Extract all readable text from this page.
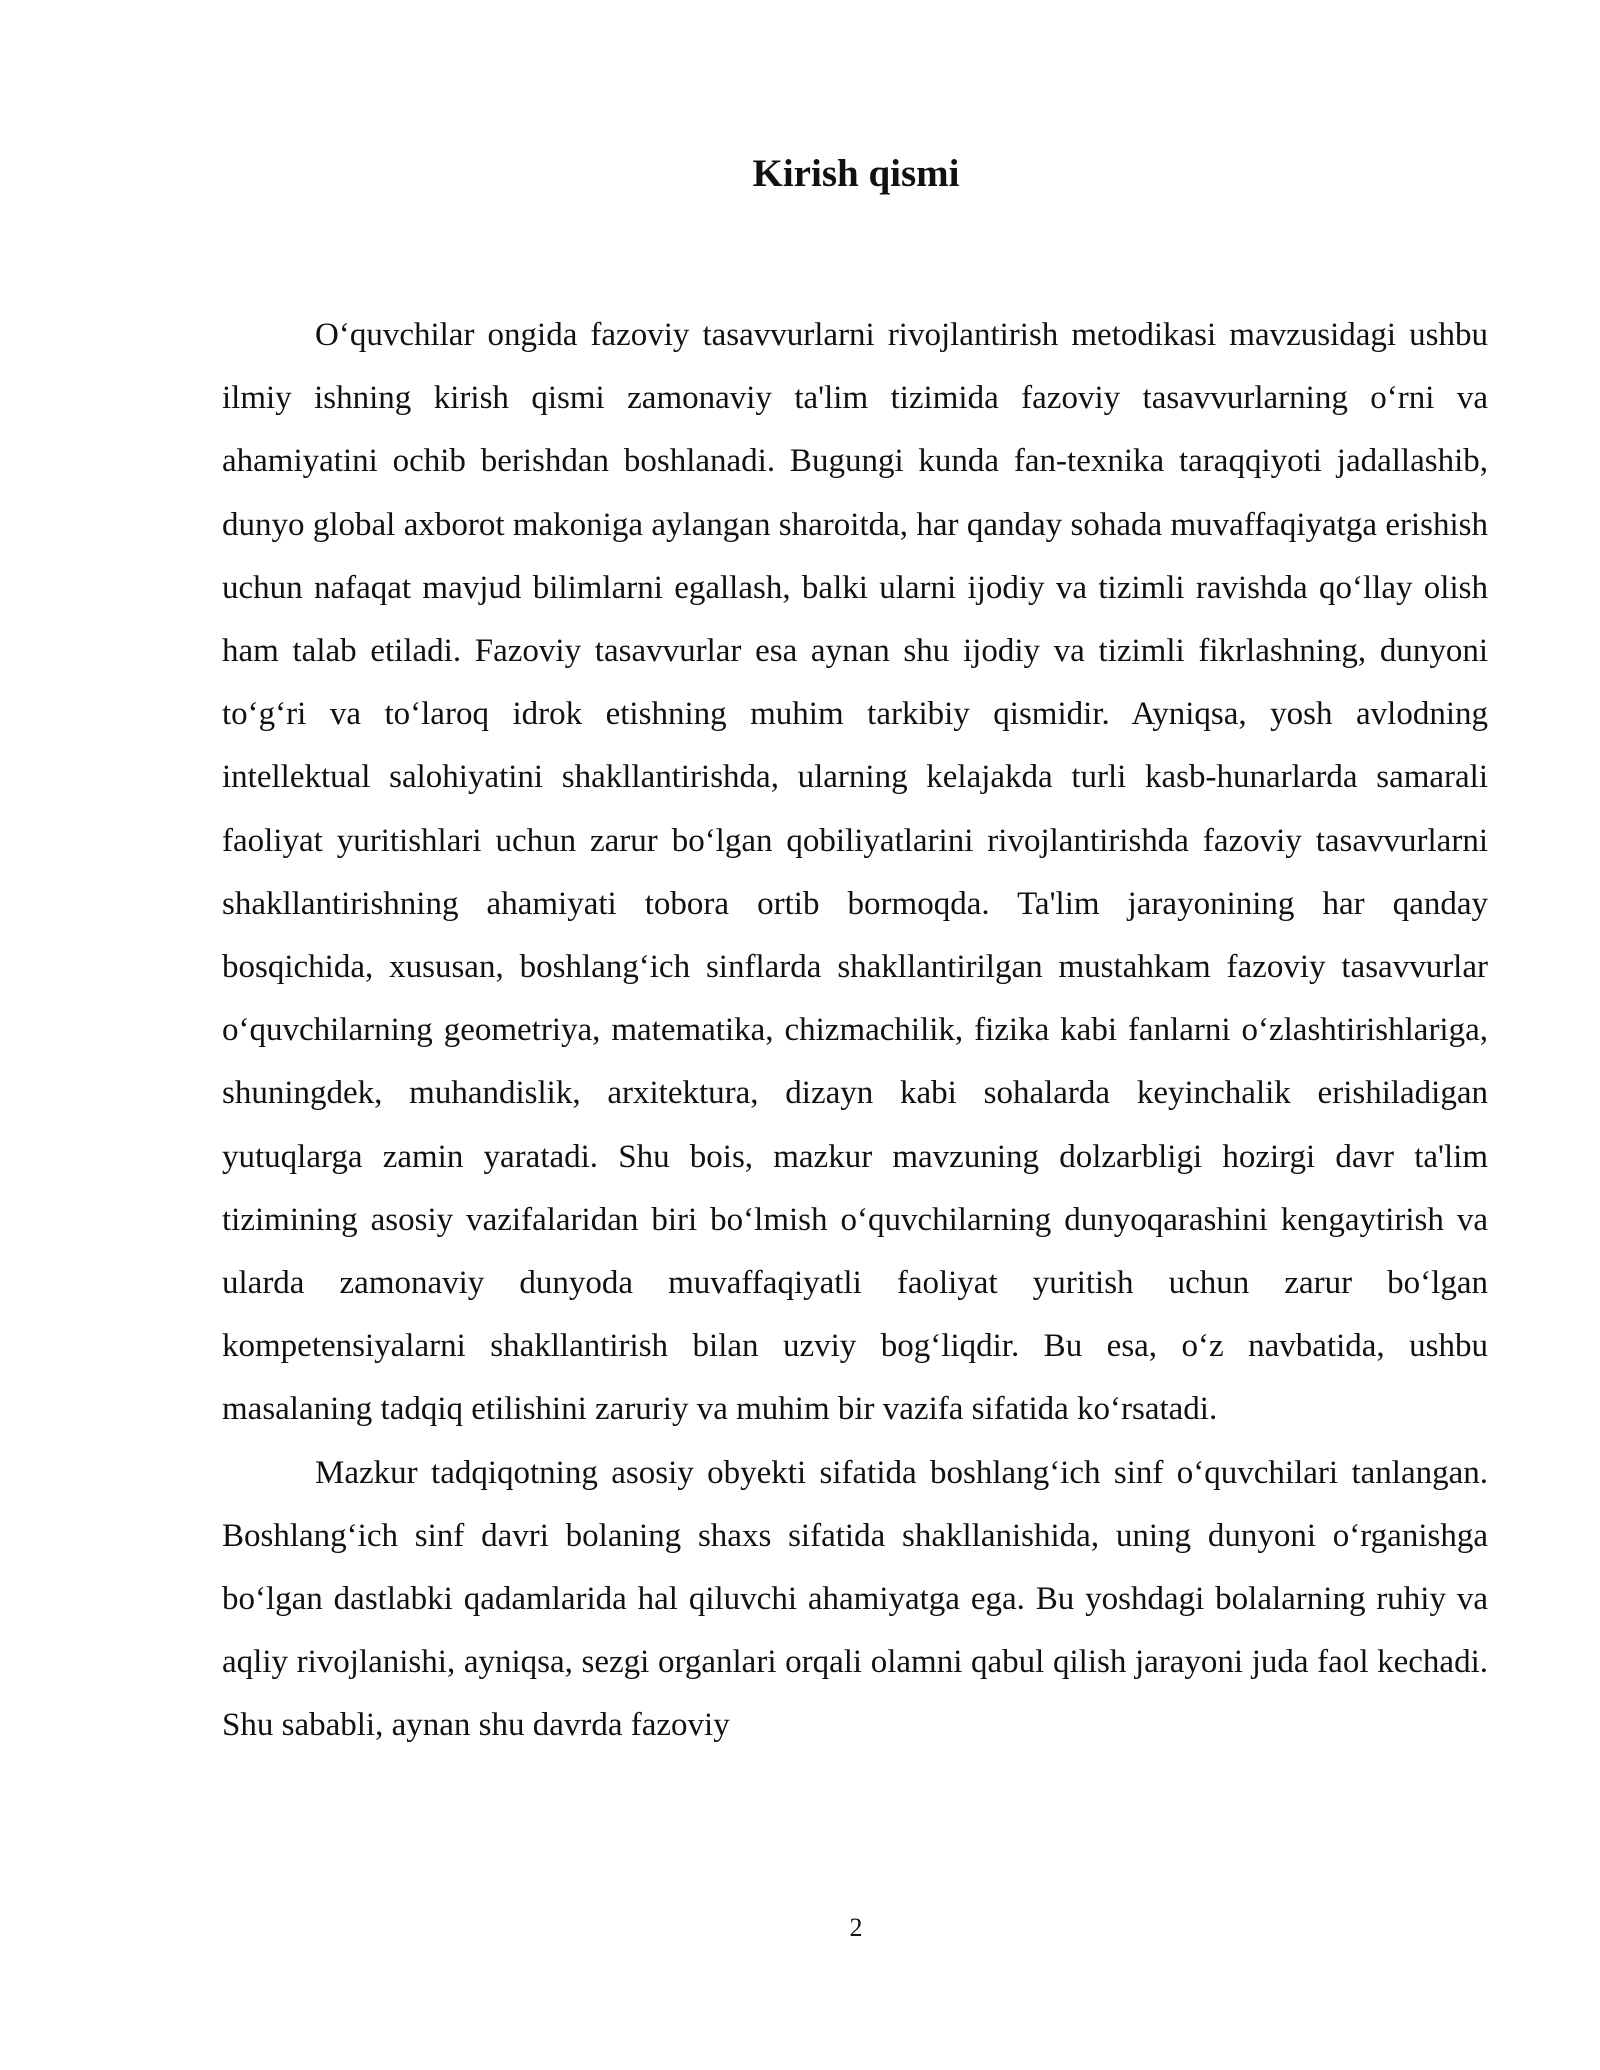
Kirish qismi

O‘quvchilar ongida fazoviy tasavvurlarni rivojlantirish metodikasi mavzusidagi ushbu ilmiy ishning kirish qismi zamonaviy ta'lim tizimida fazoviy tasavvurlarning o‘rni va ahamiyatini ochib berishdan boshlanadi. Bugungi kunda fan-texnika taraqqiyoti jadallashib, dunyo global axborot makoniga aylangan sharoitda, har qanday sohada muvaffaqiyatga erishish uchun nafaqat mavjud bilimlarni egallash, balki ularni ijodiy va tizimli ravishda qo‘llay olish ham talab etiladi. Fazoviy tasavvurlar esa aynan shu ijodiy va tizimli fikrlashning, dunyoni to‘g‘ri va to‘laroq idrok etishning muhim tarkibiy qismidir. Ayniqsa, yosh avlodning intellektual salohiyatini shakllantirishda, ularning kelajakda turli kasb-hunarlarda samarali faoliyat yuritishlari uchun zarur bo‘lgan qobiliyatlarini rivojlantirishda fazoviy tasavvurlarni shakllantirishning ahamiyati tobora ortib bormoqda. Ta'lim jarayonining har qanday bosqichida, xususan, boshlang‘ich sinflarda shakllantirilgan mustahkam fazoviy tasavvurlar o‘quvchilarning geometriya, matematika, chizmachilik, fizika kabi fanlarni o‘zlashtirishlariga, shuningdek, muhandislik, arxitektura, dizayn kabi sohalarda keyinchalik erishiladigan yutuqlarga zamin yaratadi. Shu bois, mazkur mavzuning dolzarbligi hozirgi davr ta'lim tizimining asosiy vazifalaridan biri bo‘lmish o‘quvchilarning dunyoqarashini kengaytirish va ularda zamonaviy dunyoda muvaffaqiyatli faoliyat yuritish uchun zarur bo‘lgan kompetensiyalarni shakllantirish bilan uzviy bog‘liqdir. Bu esa, o‘z navbatida, ushbu masalaning tadqiq etilishini zaruriy va muhim bir vazifa sifatida ko‘rsatadi.

Mazkur tadqiqotning asosiy obyekti sifatida boshlang‘ich sinf o‘quvchilari tanlangan. Boshlang‘ich sinf davri bolaning shaxs sifatida shakllanishida, uning dunyoni o‘rganishga bo‘lgan dastlabki qadamlarida hal qiluvchi ahamiyatga ega. Bu yoshdagi bolalarning ruhiy va aqliy rivojlanishi, ayniqsa, sezgi organlari orqali olamni qabul qilish jarayoni juda faol kechadi. Shu sababli, aynan shu davrda fazoviy

2
